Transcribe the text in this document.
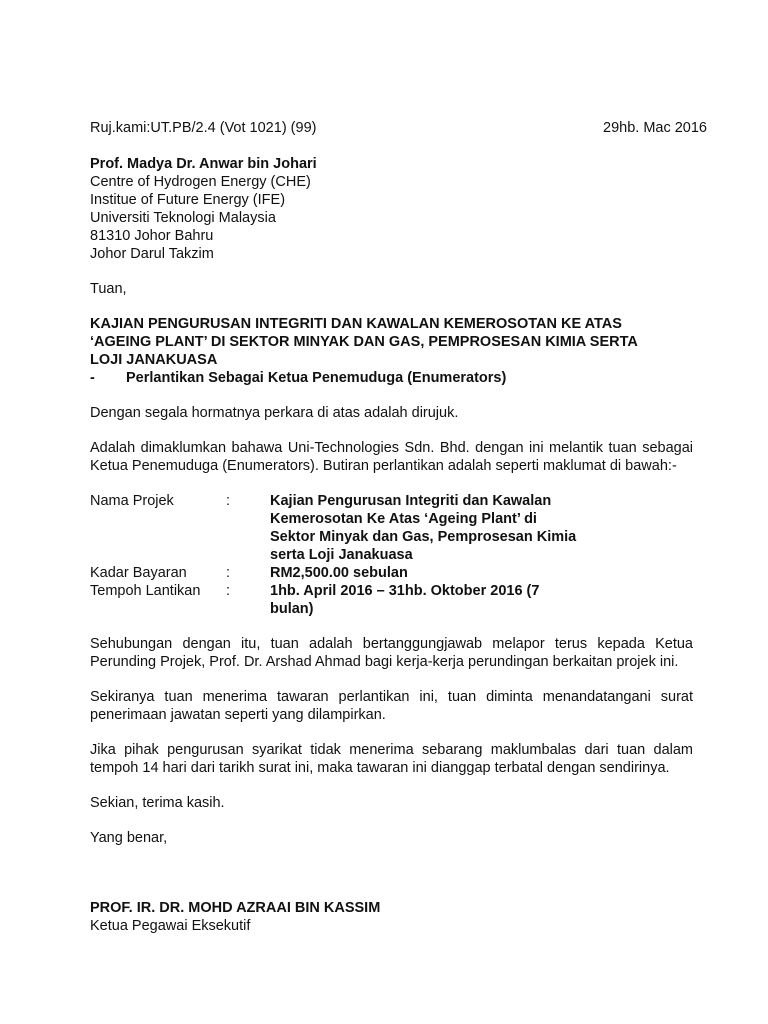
Ruj.kami:UT.PB/2.4 (Vot 1021) (99)	29hb. Mac 2016
Prof. Madya Dr. Anwar bin Johari
Centre of Hydrogen Energy (CHE)
Institue of Future Energy (IFE)
Universiti Teknologi Malaysia
81310 Johor Bahru
Johor Darul Takzim
Tuan,
KAJIAN PENGURUSAN INTEGRITI DAN KAWALAN KEMEROSOTAN KE ATAS
‘AGEING PLANT’ DI SEKTOR MINYAK DAN GAS, PEMPROSESAN KIMIA SERTA
LOJI JANAKUASA
-	Perlantikan Sebagai Ketua Penemuduga (Enumerators)
Dengan segala hormatnya perkara di atas adalah dirujuk.
Adalah dimaklumkan bahawa Uni-Technologies Sdn. Bhd. dengan ini melantik tuan sebagai Ketua Penemuduga (Enumerators). Butiran perlantikan adalah seperti maklumat di bawah:-
Nama Projek	:	Kajian Pengurusan Integriti dan Kawalan Kemerosotan Ke Atas ‘Ageing Plant’ di Sektor Minyak dan Gas, Pemprosesan Kimia serta Loji Janakuasa
Kadar Bayaran	:	RM2,500.00 sebulan
Tempoh Lantikan	:	1hb. April 2016 – 31hb. Oktober 2016 (7 bulan)
Sehubungan dengan itu, tuan adalah bertanggungjawab melapor terus kepada Ketua Perunding Projek, Prof. Dr. Arshad Ahmad bagi kerja-kerja perundingan berkaitan projek ini.
Sekiranya tuan menerima tawaran perlantikan ini, tuan diminta menandatangani surat penerimaan jawatan seperti yang dilampirkan.
Jika pihak pengurusan syarikat tidak menerima sebarang maklumbalas dari tuan dalam tempoh 14 hari dari tarikh surat ini, maka tawaran ini dianggap terbatal dengan sendirinya.
Sekian, terima kasih.
Yang benar,
PROF. IR. DR. MOHD AZRAAI BIN KASSIM
Ketua Pegawai Eksekutif
